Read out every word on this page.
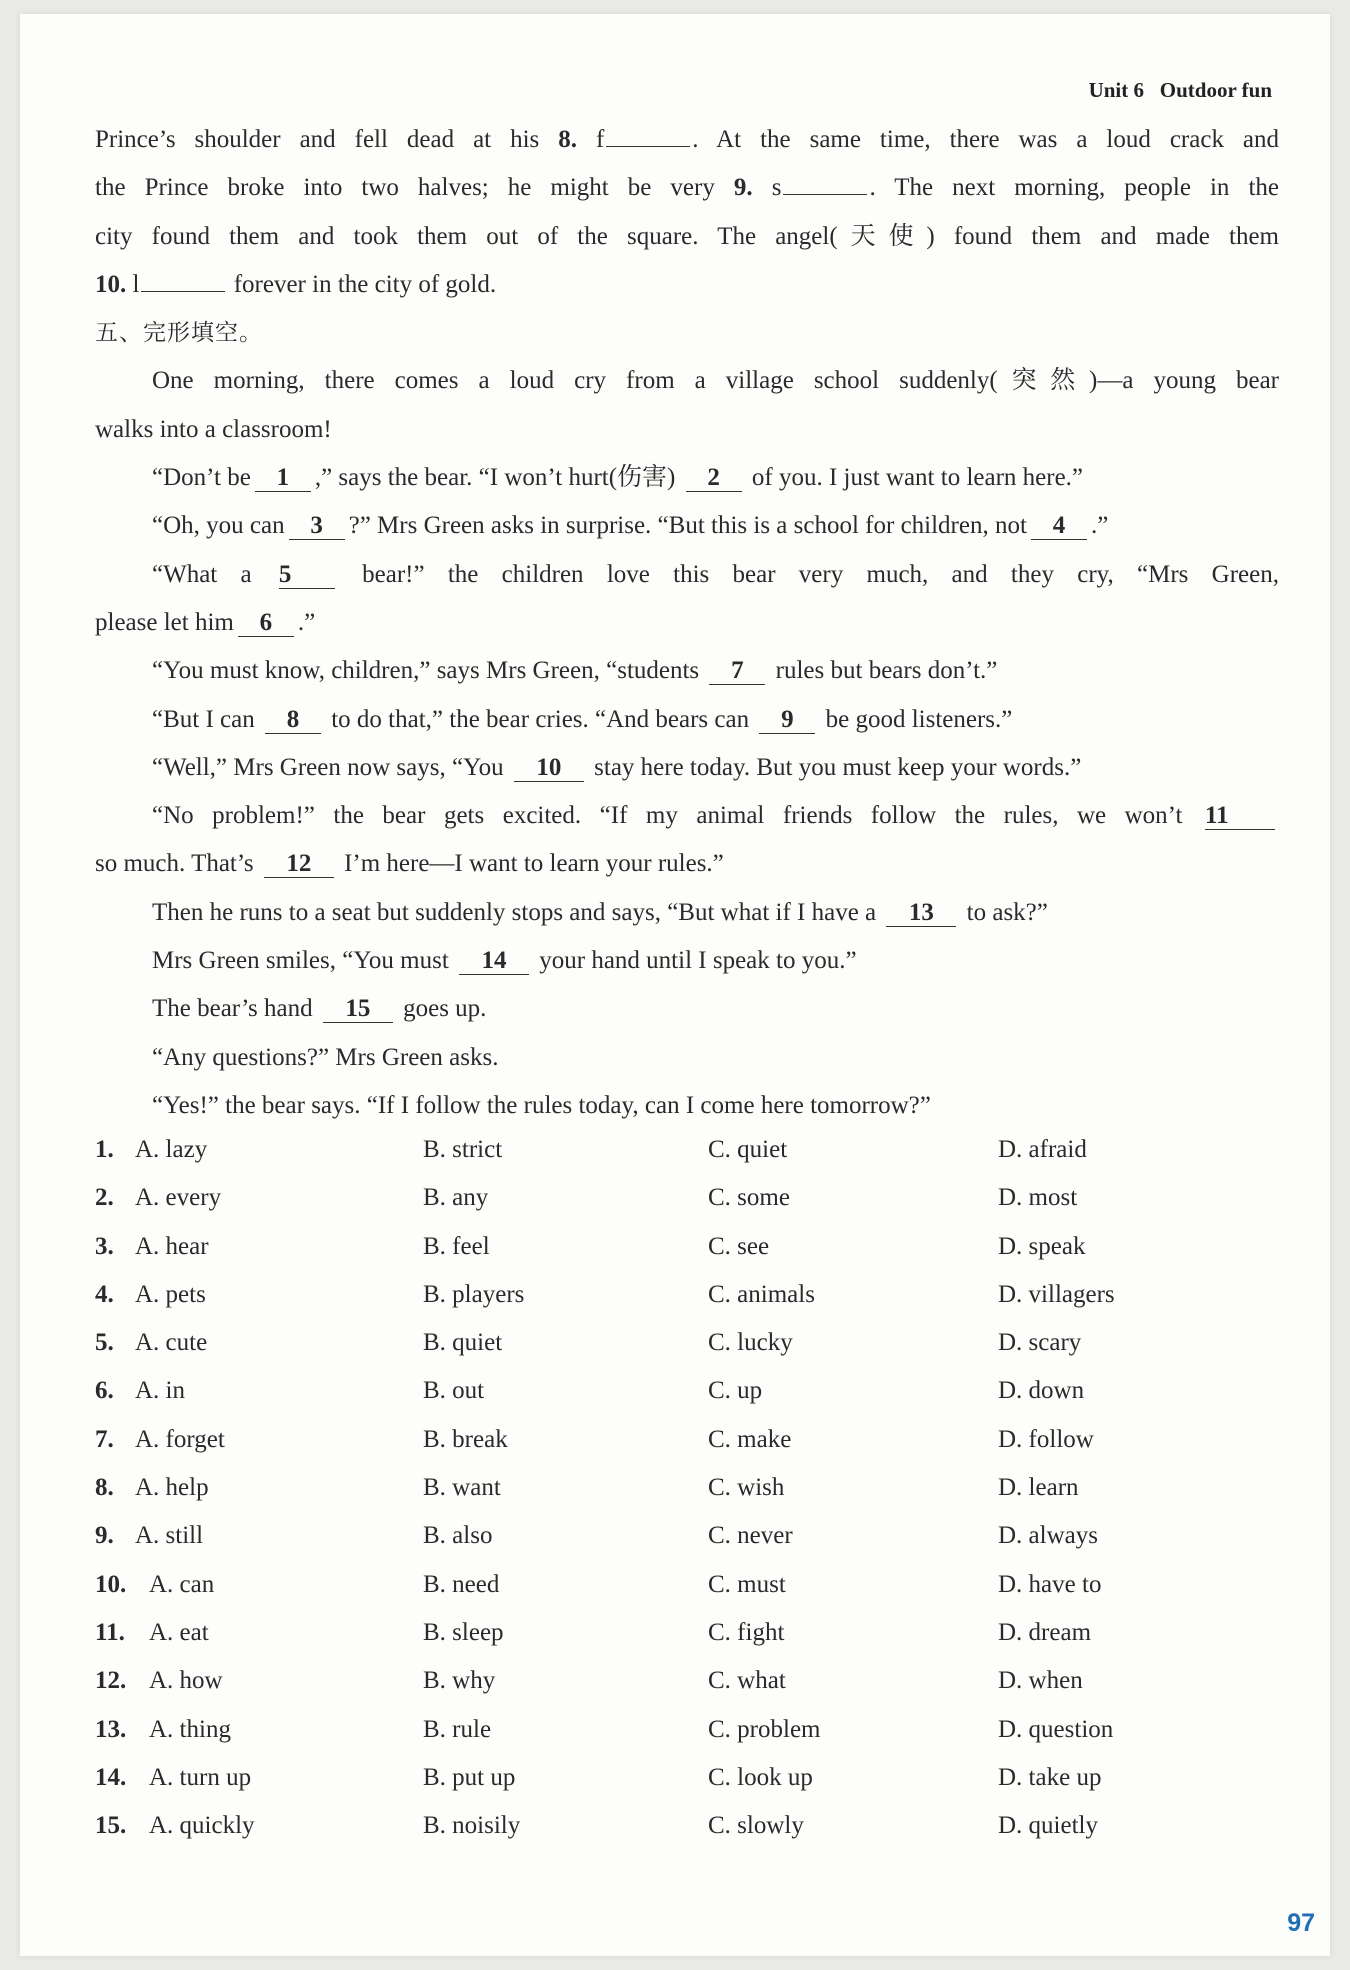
Unit 6 Outdoor fun
Prince’s shoulder and fell dead at his 8. f	. At the same time, there was a loud crack and
the Prince broke into two halves; he might be very 9. s	. The next morning, people in the
city found them and took them out of the square. The angel(天使) found them and made them
10. l	forever in the city of gold.
五、完形填空。
One morning, there comes a loud cry from a village school suddenly(突然)—a young bear
walks into a classroom!
“Don’t be 1 ,” says the bear. “I won’t hurt(伤害) 2 of you. I just want to learn here.”
“Oh, you can 3 ?” Mrs Green asks in surprise. “But this is a school for children, not 4 .”
“What a 5	bear!” the children love this bear very much, and they cry, “Mrs Green,
please let him 6 .”
“You must know, children,” says Mrs Green, “students 7 rules but bears don’t.”
“But I can 8 to do that,” the bear cries. “And bears can 9 be good listeners.”
“Well,” Mrs Green now says, “You 10 stay here today. But you must keep your words.”
“No problem!” the bear gets excited. “If my animal friends follow the rules, we won’t 11
so much. That’s 12 I’m here—I want to learn your rules.”
Then he runs to a seat but suddenly stops and says, “But what if I have a 13 to ask?”
Mrs Green smiles, “You must 14 your hand until I speak to you.”
The bear’s hand 15 goes up.
“Any questions?” Mrs Green asks.
“Yes!” the bear says. “If I follow the rules today, can I come here tomorrow?”
1. A. lazy	B. strict	C. quiet	D. afraid
2. A. every	B. any	C. some	D. most
3. A. hear	B. feel	C. see	D. speak
4. A. pets	B. players	C. animals	D. villagers
5. A. cute	B. quiet	C. lucky	D. scary
6. A. in	B. out	C. up	D. down
7. A. forget	B. break	C. make	D. follow
8. A. help	B. want	C. wish	D. learn
9. A. still	B. also	C. never	D. always
10. A. can	B. need	C. must	D. have to
11. A. eat	B. sleep	C. fight	D. dream
12. A. how	B. why	C. what	D. when
13. A. thing	B. rule	C. problem	D. question
14. A. turn up	B. put up	C. look up	D. take up
15. A. quickly	B. noisily	C. slowly	D. quietly
97
